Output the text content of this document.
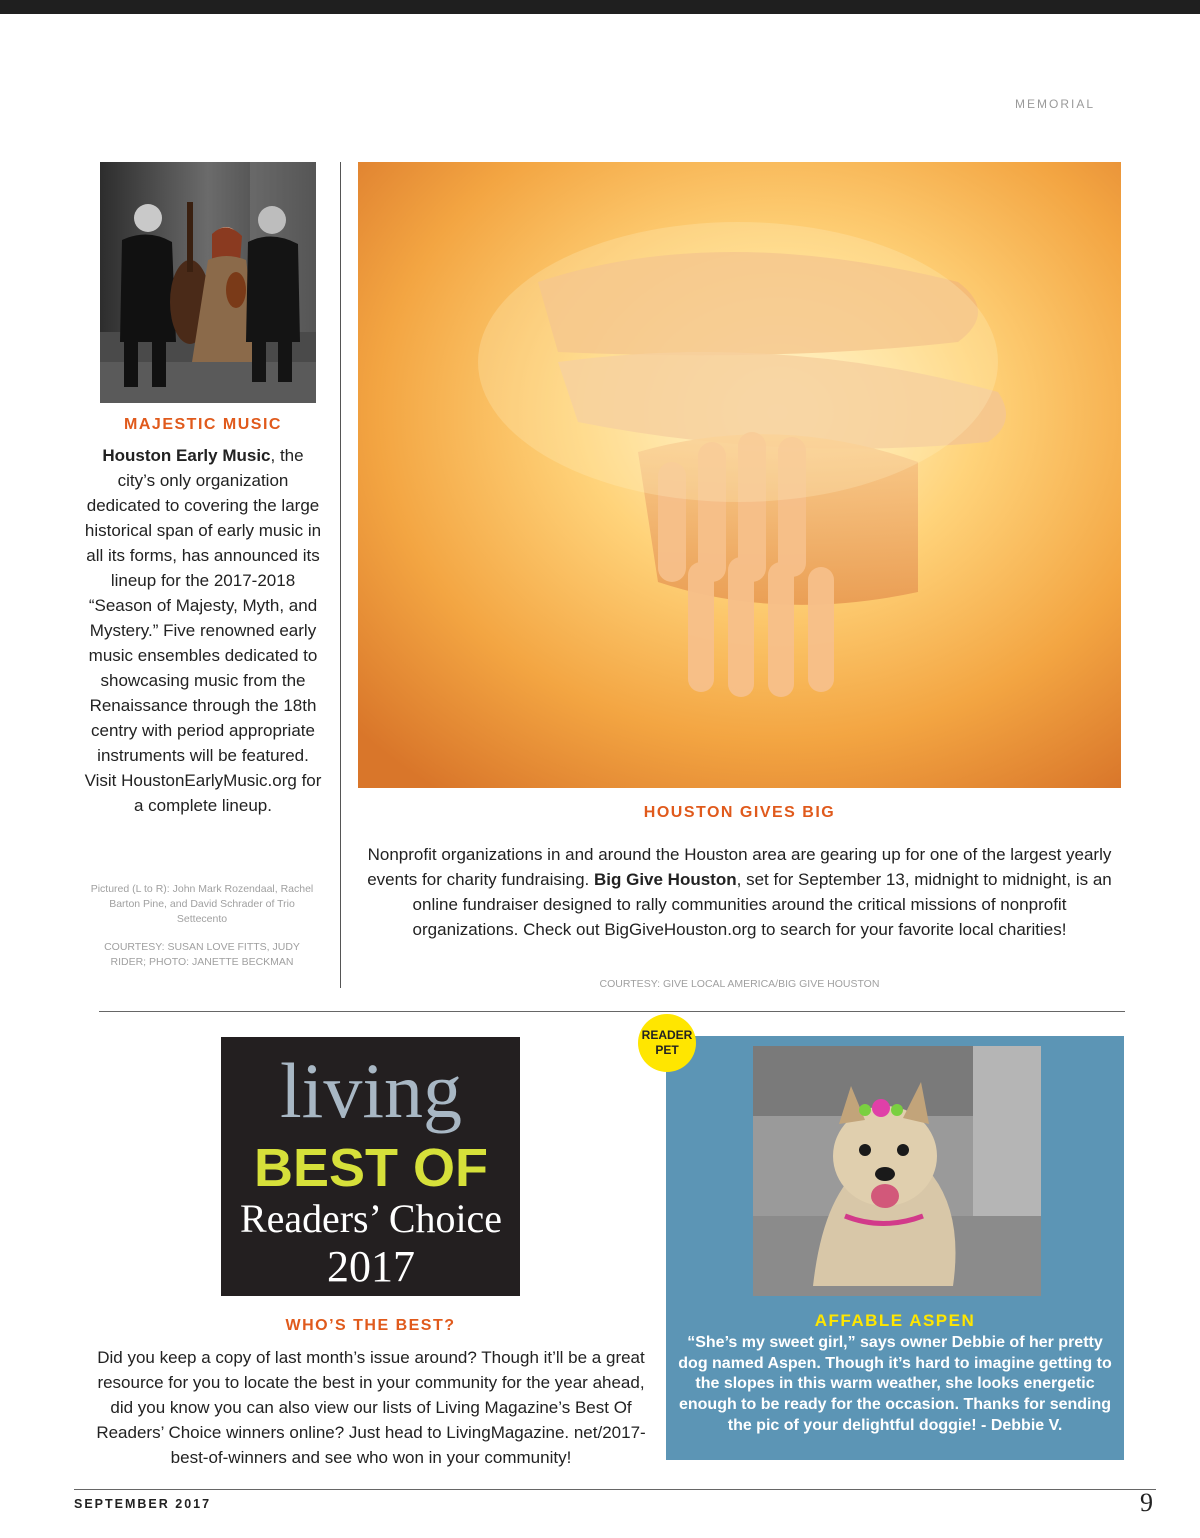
MEMORIAL
MAJESTIC MUSIC

Houston Early Music, the city’s only organization dedicated to covering the large historical span of early music in all its forms, has announced its lineup for the 2017-2018 “Season of Majesty, Myth, and Mystery.” Five renowned early music ensembles dedicated to showcasing music from the Renaissance through the 18th centry with period appropriate instruments will be featured. Visit HoustonEarlyMusic.org for a complete lineup.

Pictured (L to R): John Mark Rozendaal, Rachel Barton Pine, and David Schrader of Trio Settecento

COURTESY: SUSAN LOVE FITTS, JUDY RIDER; PHOTO: JANETTE BECKMAN

HOUSTON GIVES BIG

Nonprofit organizations in and around the Houston area are gearing up for one of the largest yearly events for charity fundraising. Big Give Houston, set for September 13, midnight to midnight, is an online fundraiser designed to rally communities around the critical missions of nonprofit organizations. Check out BigGiveHouston.org to search for your favorite local charities!

COURTESY: GIVE LOCAL AMERICA/BIG GIVE HOUSTON

living
BEST OF
Readers’ Choice
2017
WHO’S THE BEST?

Did you keep a copy of last month’s issue around? Though it’ll be a great resource for you to locate the best in your community for the year ahead, did you know you can also view our lists of Living Magazine’s Best Of Readers’ Choice winners online? Just head to LivingMagazine. net/2017-best-of-winners and see who won in your community!

READER
PET
AFFABLE ASPEN

“She’s my sweet girl,” says owner Debbie of her pretty dog named Aspen. Though it’s hard to imagine getting to the slopes in this warm weather, she looks energetic enough to be ready for the occasion. Thanks for sending the pic of your delightful doggie! - Debbie V.

SEPTEMBER 2017	9
